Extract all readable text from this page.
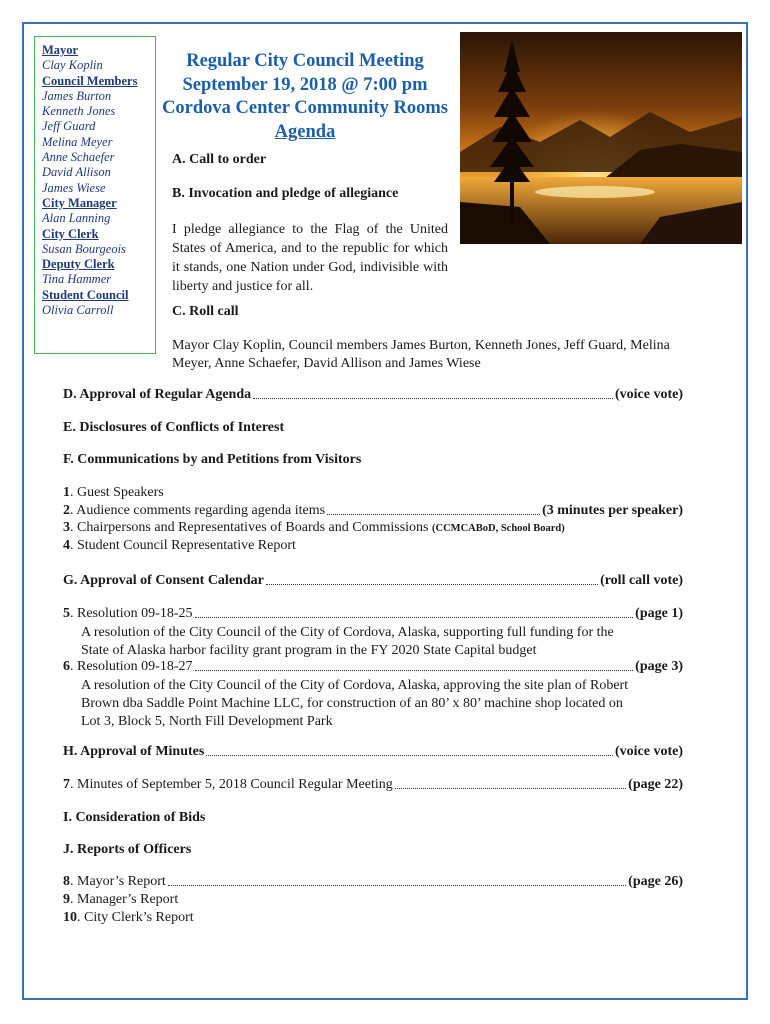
Mayor
Clay Koplin
Council Members
James Burton
Kenneth Jones
Jeff Guard
Melina Meyer
Anne Schaefer
David Allison
James Wiese
City Manager
Alan Lanning
City Clerk
Susan Bourgeois
Deputy Clerk
Tina Hammer
Student Council
Olivia Carroll
Regular City Council Meeting
September 19, 2018 @ 7:00 pm
Cordova Center Community Rooms
Agenda
A. Call to order
B. Invocation and pledge of allegiance
I pledge allegiance to the Flag of the United States of America, and to the republic for which it stands, one Nation under God, indivisible with liberty and justice for all.
C. Roll call
Mayor Clay Koplin, Council members James Burton, Kenneth Jones, Jeff Guard, Melina Meyer, Anne Schaefer, David Allison and James Wiese
D. Approval of Regular Agenda	(voice vote)
E. Disclosures of Conflicts of Interest
F. Communications by and Petitions from Visitors
1. Guest Speakers
2. Audience comments regarding agenda items	(3 minutes per speaker)
3. Chairpersons and Representatives of Boards and Commissions (CCMCABoD, School Board)
4. Student Council Representative Report
G. Approval of Consent Calendar	(roll call vote)
5. Resolution 09-18-25	(page 1)
A resolution of the City Council of the City of Cordova, Alaska, supporting full funding for the State of Alaska harbor facility grant program in the FY 2020 State Capital budget
6. Resolution 09-18-27	(page 3)
A resolution of the City Council of the City of Cordova, Alaska, approving the site plan of Robert Brown dba Saddle Point Machine LLC, for construction of an 80’ x 80’ machine shop located on Lot 3, Block 5, North Fill Development Park
H. Approval of Minutes	(voice vote)
7. Minutes of September 5, 2018 Council Regular Meeting	(page 22)
I. Consideration of Bids
J. Reports of Officers
8. Mayor’s Report	(page 26)
9. Manager’s Report
10. City Clerk’s Report
